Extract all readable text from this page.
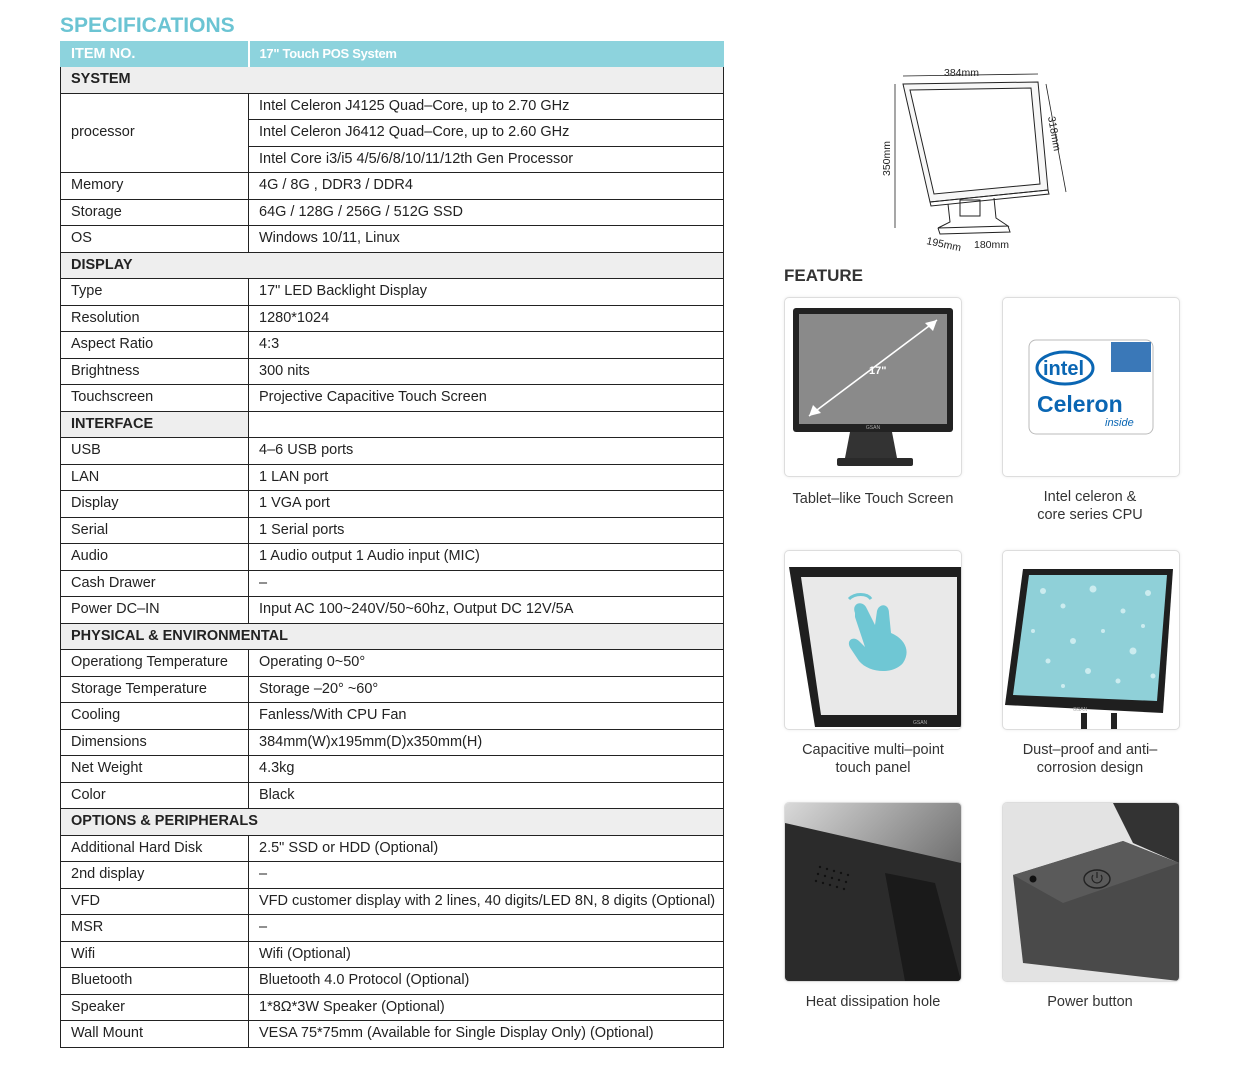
SPECIFICATIONS
ITEM NO.	17" Touch POS System
SYSTEM	
processor	Intel Celeron J4125 Quad–Core, up to 2.70 GHz
	Intel Celeron J6412 Quad–Core, up to 2.60 GHz
	Intel Core i3/i5 4/5/6/8/10/11/12th Gen Processor
Memory	4G / 8G , DDR3 / DDR4
Storage	64G / 128G / 256G / 512G SSD
OS	Windows 10/11, Linux
DISPLAY	
Type	17" LED Backlight Display
Resolution	1280*1024
Aspect Ratio	4:3
Brightness	300 nits
Touchscreen	Projective Capacitive Touch Screen
INTERFACE	
USB	4–6 USB ports
LAN	1 LAN port
Display	1 VGA port
Serial	1 Serial ports
Audio	1 Audio output 1 Audio input (MIC)
Cash Drawer	–
Power DC–IN	Input AC 100~240V/50~60hz, Output DC 12V/5A
PHYSICAL & ENVIRONMENTAL	
Operationg Temperature	Operating 0~50°
Storage Temperature	Storage –20° ~60°
Cooling	Fanless/With CPU Fan
Dimensions	384mm(W)x195mm(D)x350mm(H)
Net Weight	4.3kg
Color	Black
OPTIONS & PERIPHERALS	
Additional Hard Disk	2.5" SSD or HDD (Optional)
2nd display	–
VFD	VFD customer display with 2 lines, 40 digits/LED 8N, 8 digits (Optional)
MSR	–
Wifi	Wifi (Optional)
Bluetooth	Bluetooth 4.0 Protocol (Optional)
Speaker	1*8Ω*3W Speaker (Optional)
Wall Mount	VESA 75*75mm (Available for Single Display Only) (Optional)
384mm
350mm
318mm
195mm 180mm
FEATURE
GSAN
17"
Tablet–like Touch Screen
intel
Celeron
inside
Intel celeron &
core series CPU
GSAN
Capacitive multi–point
touch panel
GSAN
Dust–proof and anti–
corrosion design
Heat dissipation hole	Power button
